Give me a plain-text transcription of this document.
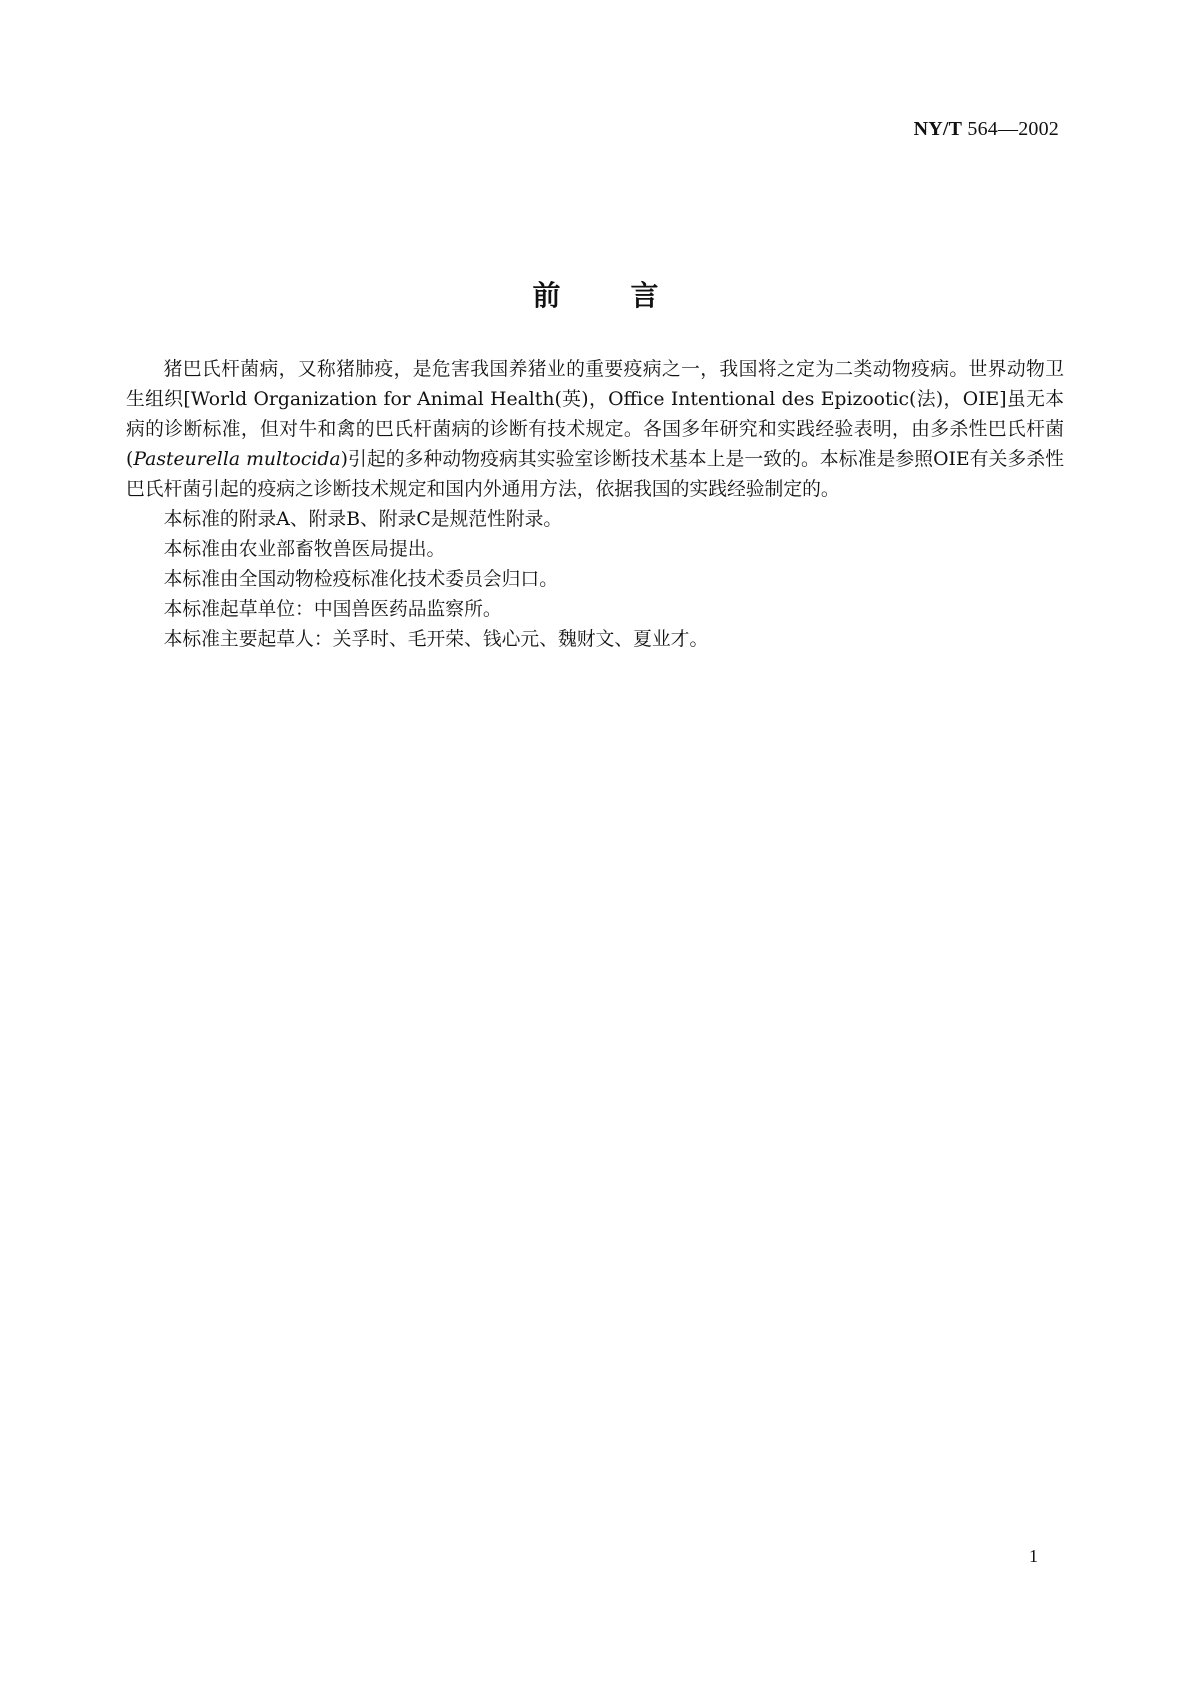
NY/T 564—2002
前言

猪巴氏杆菌病，又称猪肺疫，是危害我国养猪业的重要疫病之一，我国将之定为二类动物疫病。世界动物卫生组织[World Organization for Animal Health(英)，Office Intentional des Epizootic(法)，OIE]虽无本病的诊断标准，但对牛和禽的巴氏杆菌病的诊断有技术规定。各国多年研究和实践经验表明，由多杀性巴氏杆菌(Pasteurella multocida)引起的多种动物疫病其实验室诊断技术基本上是一致的。本标准是参照OIE有关多杀性巴氏杆菌引起的疫病之诊断技术规定和国内外通用方法，依据我国的实践经验制定的。

本标准的附录A、附录B、附录C是规范性附录。

本标准由农业部畜牧兽医局提出。

本标准由全国动物检疫标准化技术委员会归口。

本标准起草单位：中国兽医药品监察所。

本标准主要起草人：关孚时、毛开荣、钱心元、魏财文、夏业才。

1
